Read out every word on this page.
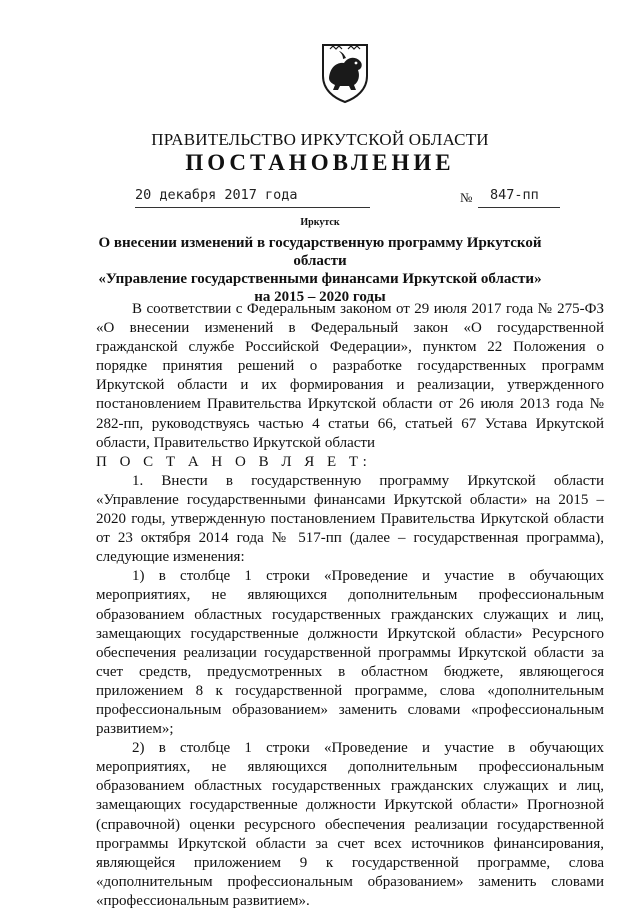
ПРАВИТЕЛЬСТВО ИРКУТСКОЙ ОБЛАСТИ
ПОСТАНОВЛЕНИЕ
20 декабря 2017 года	№ 847-пп
Иркутск
О внесении изменений в государственную программу Иркутской области
«Управление государственными финансами Иркутской области»
на 2015 – 2020 годы

В соответствии с Федеральным законом от 29 июля 2017 года № 275-ФЗ «О внесении изменений в Федеральный закон «О государственной гражданской службе Российской Федерации», пунктом 22 Положения о порядке принятия решений о разработке государственных программ Иркутской области и их формирования и реализации, утвержденного постановлением Правительства Иркутской области от 26 июля 2013 года № 282-пп, руководствуясь частью 4 статьи 66, статьей 67 Устава Иркутской области, Правительство Иркутской области

П О С Т А Н О В Л Я Е Т:

1. Внести в государственную программу Иркутской области «Управление государственными финансами Иркутской области» на 2015 – 2020 годы, утвержденную постановлением Правительства Иркутской области от 23 октября 2014 года № 517-пп (далее – государственная программа), следующие изменения:

1) в столбце 1 строки «Проведение и участие в обучающих мероприятиях, не являющихся дополнительным профессиональным образованием областных государственных гражданских служащих и лиц, замещающих государственные должности Иркутской области» Ресурсного обеспечения реализации государственной программы Иркутской области за счет средств, предусмотренных в областном бюджете, являющегося приложением 8 к государственной программе, слова «дополнительным профессиональным образованием» заменить словами «профессиональным развитием»;

2) в столбце 1 строки «Проведение и участие в обучающих мероприятиях, не являющихся дополнительным профессиональным образованием областных государственных гражданских служащих и лиц, замещающих государственные должности Иркутской области» Прогнозной (справочной) оценки ресурсного обеспечения реализации государственной программы Иркутской области за счет всех источников финансирования, являющейся приложением 9 к государственной программе, слова «дополнительным профессиональным образованием» заменить словами «профессиональным развитием».
